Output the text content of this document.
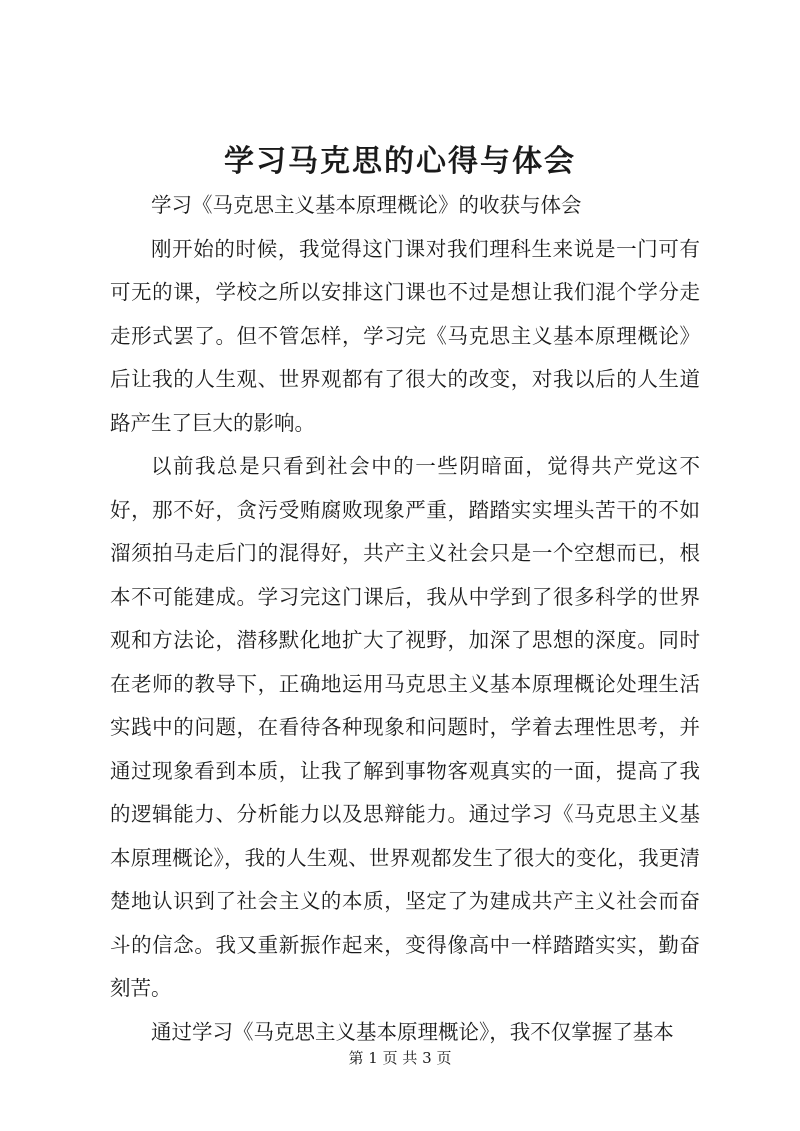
学习马克思的心得与体会

学习《马克思主义基本原理概论》的收获与体会

刚开始的时候，我觉得这门课对我们理科生来说是一门可有可无的课，学校之所以安排这门课也不过是想让我们混个学分走走形式罢了。但不管怎样，学习完《马克思主义基本原理概论》后让我的人生观、世界观都有了很大的改变，对我以后的人生道路产生了巨大的影响。

以前我总是只看到社会中的一些阴暗面，觉得共产党这不好，那不好，贪污受贿腐败现象严重，踏踏实实埋头苦干的不如溜须拍马走后门的混得好，共产主义社会只是一个空想而已，根本不可能建成。学习完这门课后，我从中学到了很多科学的世界观和方法论，潜移默化地扩大了视野，加深了思想的深度。同时在老师的教导下，正确地运用马克思主义基本原理概论处理生活实践中的问题，在看待各种现象和问题时，学着去理性思考，并通过现象看到本质，让我了解到事物客观真实的一面，提高了我的逻辑能力、分析能力以及思辩能力。通过学习《马克思主义基本原理概论》，我的人生观、世界观都发生了很大的变化，我更清楚地认识到了社会主义的本质，坚定了为建成共产主义社会而奋斗的信念。我又重新振作起来，变得像高中一样踏踏实实，勤奋刻苦。

通过学习《马克思主义基本原理概论》，我不仅掌握了基本

第 1 页 共 3 页
